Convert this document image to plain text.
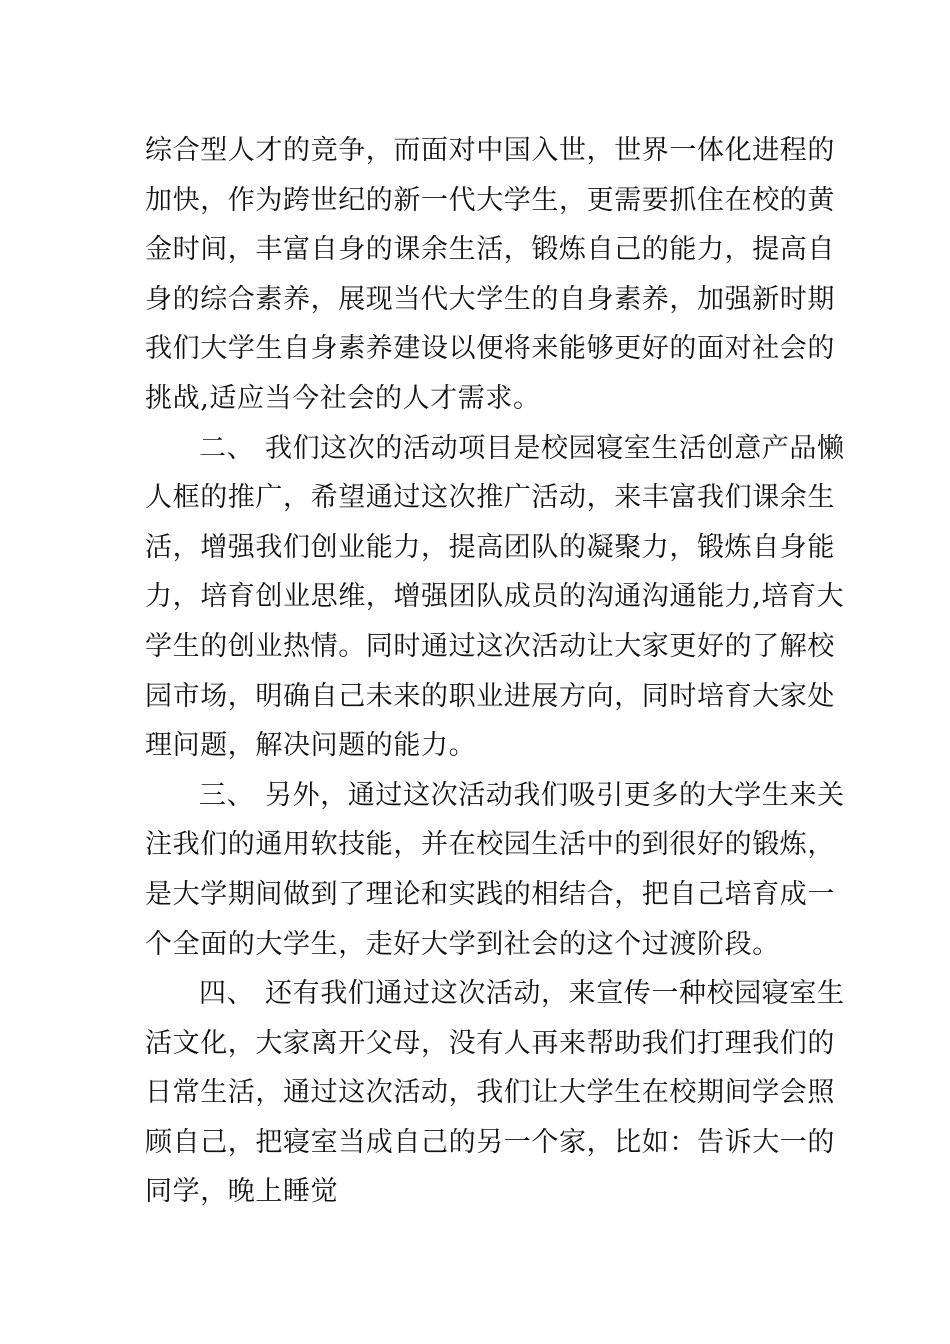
综合型人才的竞争，而面对中国入世，世界一体化进程的
加快，作为跨世纪的新一代大学生，更需要抓住在校的黄
金时间，丰富自身的课余生活，锻炼自己的能力，提高自
身的综合素养，展现当代大学生的自身素养，加强新时期
我们大学生自身素养建设以便将来能够更好的面对社会的
挑战,适应当今社会的人才需求。
二、 我们这次的活动项目是校园寝室生活创意产品懒
人框的推广，希望通过这次推广活动，来丰富我们课余生
活，增强我们创业能力，提高团队的凝聚力，锻炼自身能
力，培育创业思维，增强团队成员的沟通沟通能力,培育大
学生的创业热情。同时通过这次活动让大家更好的了解校
园市场，明确自己未来的职业进展方向，同时培育大家处
理问题，解决问题的能力。
三、 另外，通过这次活动我们吸引更多的大学生来关
注我们的通用软技能，并在校园生活中的到很好的锻炼，
是大学期间做到了理论和实践的相结合，把自己培育成一
个全面的大学生，走好大学到社会的这个过渡阶段。
四、 还有我们通过这次活动，来宣传一种校园寝室生
活文化，大家离开父母，没有人再来帮助我们打理我们的
日常生活，通过这次活动，我们让大学生在校期间学会照
顾自己，把寝室当成自己的另一个家，比如：告诉大一的
同学，晚上睡觉
